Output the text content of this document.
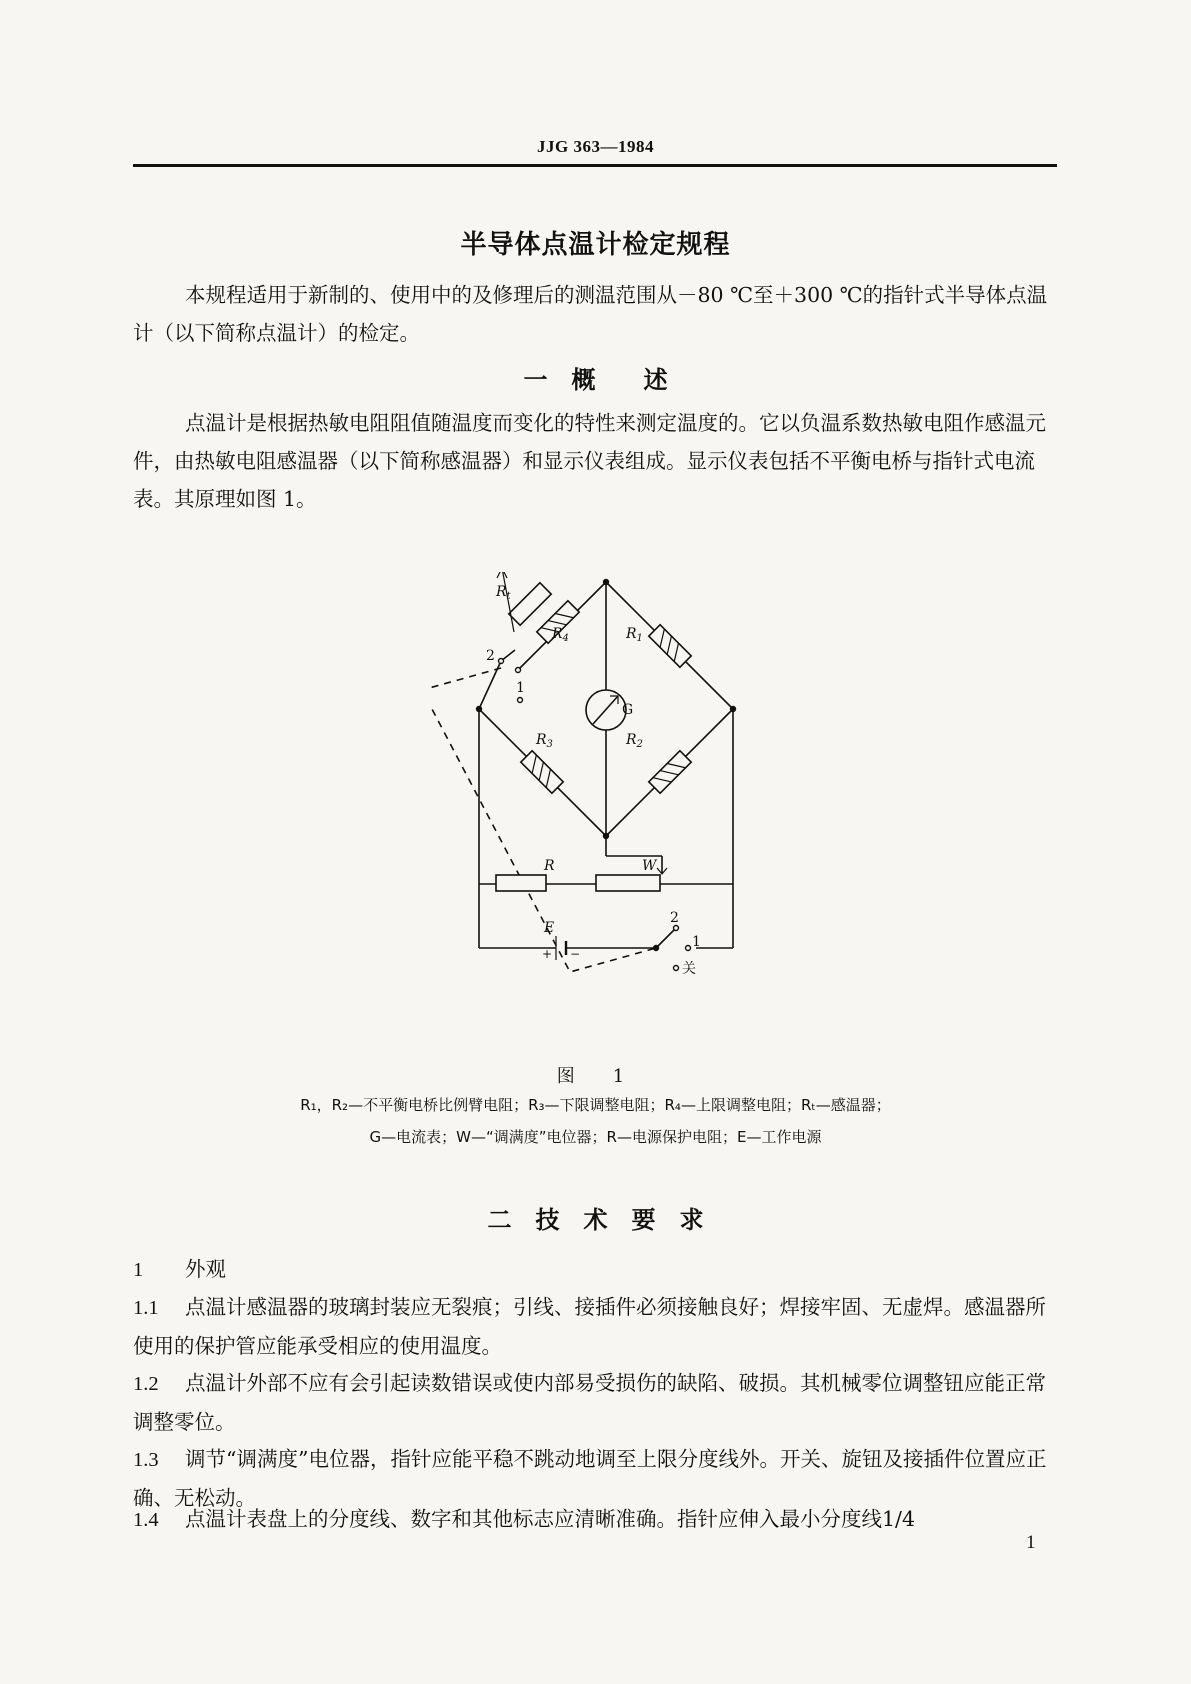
JJG 363—1984
半导体点温计检定规程

本规程适用于新制的、使用中的及修理后的测温范围从－80 ℃至＋300 ℃的指针式半导体点温计（以下简称点温计）的检定。

一　概　　述

点温计是根据热敏电阻阻值随温度而变化的特性来测定温度的。它以负温系数热敏电阻作感温元件，由热敏电阻感温器（以下简称感温器）和显示仪表组成。显示仪表包括不平衡电桥与指针式电流表。其原理如图 1。

$R_t$
$R_4$	$R_1$
$R_2$
$R_3$
R	W
E
G
2
1
+ −
2
1
关
图　1
R₁，R₂—不平衡电桥比例臂电阻；R₃—下限调整电阻；R₄—上限调整电阻；Rₜ—感温器；
G—电流表；W—“调满度”电位器；R—电源保护电阻；E—工作电源
二　技　术　要　求

1 外观

1.1 点温计感温器的玻璃封装应无裂痕；引线、接插件必须接触良好；焊接牢固、无虚焊。感温器所使用的保护管应能承受相应的使用温度。

1.2 点温计外部不应有会引起读数错误或使内部易受损伤的缺陷、破损。其机械零位调整钮应能正常调整零位。

1.3 调节“调满度”电位器，指针应能平稳不跳动地调至上限分度线外。开关、旋钮及接插件位置应正确、无松动。

1.4 点温计表盘上的分度线、数字和其他标志应清晰准确。指针应伸入最小分度线1/4

1
